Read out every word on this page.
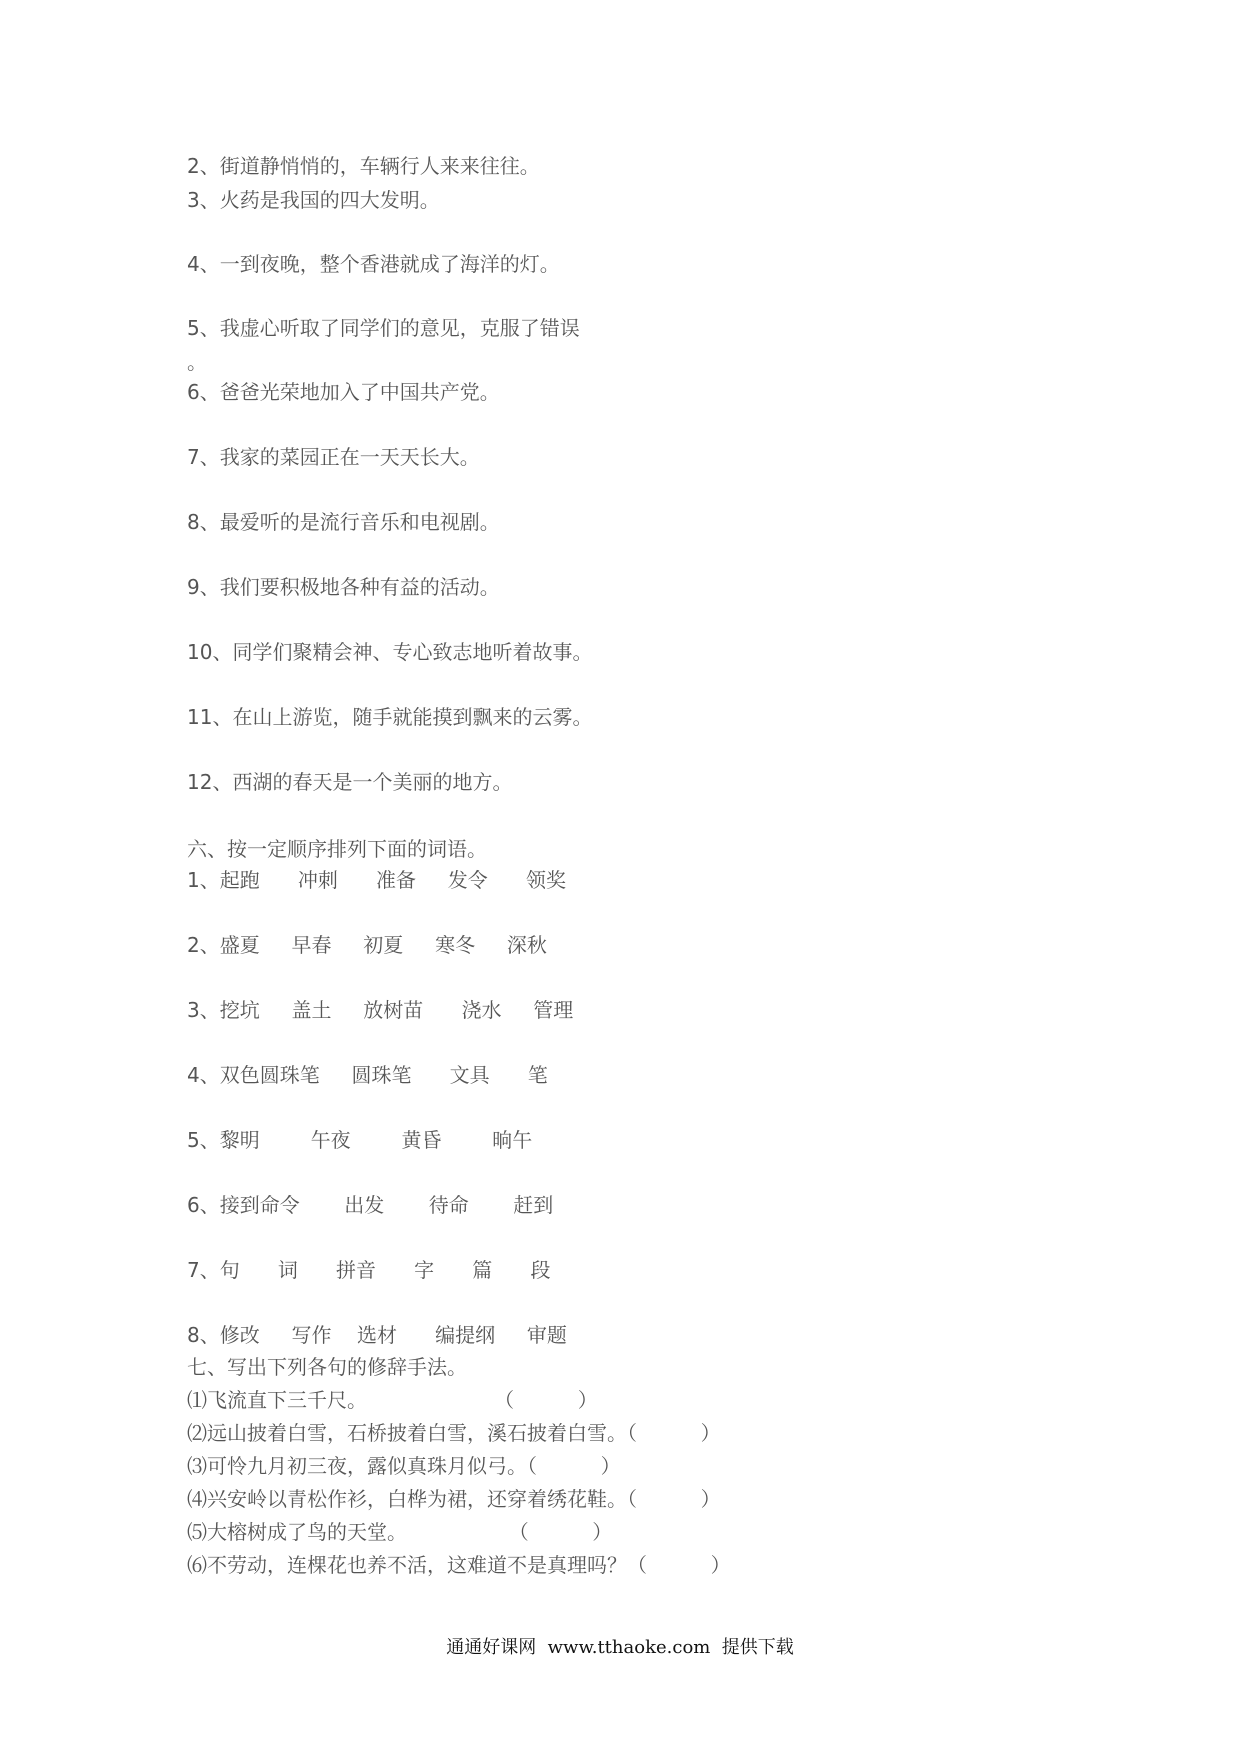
2、街道静悄悄的，车辆行人来来往往。
3、火药是我国的四大发明。
4、一到夜晚，整个香港就成了海洋的灯。
5、我虚心听取了同学们的意见，克服了错误
。
6、爸爸光荣地加入了中国共产党。
7、我家的菜园正在一天天长大。
8、最爱听的是流行音乐和电视剧。
9、我们要积极地各种有益的活动。
10、同学们聚精会神、专心致志地听着故事。
11、在山上游览，随手就能摸到飘来的云雾。
12、西湖的春天是一个美丽的地方。
六、按一定顺序排列下面的词语。
1、起跑      冲刺      准备     发令      领奖
2、盛夏     早春     初夏     寒冬     深秋
3、挖坑     盖土     放树苗      浇水     管理
4、双色圆珠笔     圆珠笔      文具      笔
5、黎明        午夜        黄昏        晌午
6、接到命令       出发       待命       赶到
7、句      词      拼音      字      篇      段
8、修改     写作    选材      编提纲     审题
七、写出下列各句的修辞手法。
⑴飞流直下三千尺。                    （          ）
⑵远山披着白雪，石桥披着白雪，溪石披着白雪。（          ）
⑶可怜九月初三夜，露似真珠月似弓。（          ）
⑷兴安岭以青松作衫，白桦为裙，还穿着绣花鞋。（          ）
⑸大榕树成了鸟的天堂。                （          ）
⑹不劳动，连棵花也养不活，这难道不是真理吗？（          ）
通通好课网  www.tthaoke.com  提供下载
